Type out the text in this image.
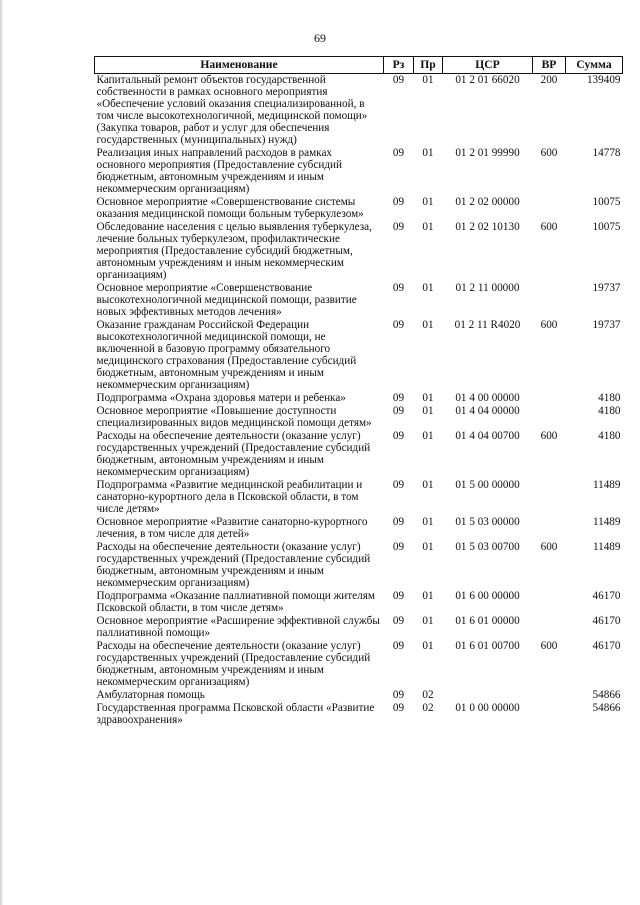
69
Наименование	Рз	Пр	ЦСР	ВР	Сумма
Капитальный ремонт объектов государственной собственности в рамках основного мероприятия «Обеспечение условий оказания специализированной, в том числе высокотехнологичной, медицинской помощи» (Закупка товаров, работ и услуг для обеспечения государственных (муниципальных) нужд)	09	01	01 2 01 66020	200	139409
Реализация иных направлений расходов в рамках основного мероприятия (Предоставление субсидий бюджетным, автономным учреждениям и иным некоммерческим организациям)	09	01	01 2 01 99990	600	14778
Основное мероприятие «Совершенствование системы оказания медицинской помощи больным туберкулезом»	09	01	01 2 02 00000		10075
Обследование населения с целью выявления туберкулеза, лечение больных туберкулезом, профилактические мероприятия (Предоставление субсидий бюджетным, автономным учреждениям и иным некоммерческим организациям)	09	01	01 2 02 10130	600	10075
Основное мероприятие «Совершенствование высокотехнологичной медицинской помощи, развитие новых эффективных методов лечения»	09	01	01 2 11 00000		19737
Оказание гражданам Российской Федерации высокотехнологичной медицинской помощи, не включенной в базовую программу обязательного медицинского страхования (Предоставление субсидий бюджетным, автономным учреждениям и иным некоммерческим организациям)	09	01	01 2 11 R4020	600	19737
Подпрограмма «Охрана здоровья матери и ребенка»	09	01	01 4 00 00000		4180
Основное мероприятие «Повышение доступности специализированных видов медицинской помощи детям»	09	01	01 4 04 00000		4180
Расходы на обеспечение деятельности (оказание услуг) государственных учреждений (Предоставление субсидий бюджетным, автономным учреждениям и иным некоммерческим организациям)	09	01	01 4 04 00700	600	4180
Подпрограмма «Развитие медицинской реабилитации и санаторно-курортного дела в Псковской области, в том числе детям»	09	01	01 5 00 00000		11489
Основное мероприятие «Развитие санаторно-курортного лечения, в том числе для детей»	09	01	01 5 03 00000		11489
Расходы на обеспечение деятельности (оказание услуг) государственных учреждений (Предоставление субсидий бюджетным, автономным учреждениям и иным некоммерческим организациям)	09	01	01 5 03 00700	600	11489
Подпрограмма «Оказание паллиативной помощи жителям Псковской области, в том числе детям»	09	01	01 6 00 00000		46170
Основное мероприятие «Расширение эффективной службы паллиативной помощи»	09	01	01 6 01 00000		46170
Расходы на обеспечение деятельности (оказание услуг) государственных учреждений (Предоставление субсидий бюджетным, автономным учреждениям и иным некоммерческим организациям)	09	01	01 6 01 00700	600	46170
Амбулаторная помощь	09	02			54866
Государственная программа Псковской области «Развитие здравоохранения»	09	02	01 0 00 00000		54866
